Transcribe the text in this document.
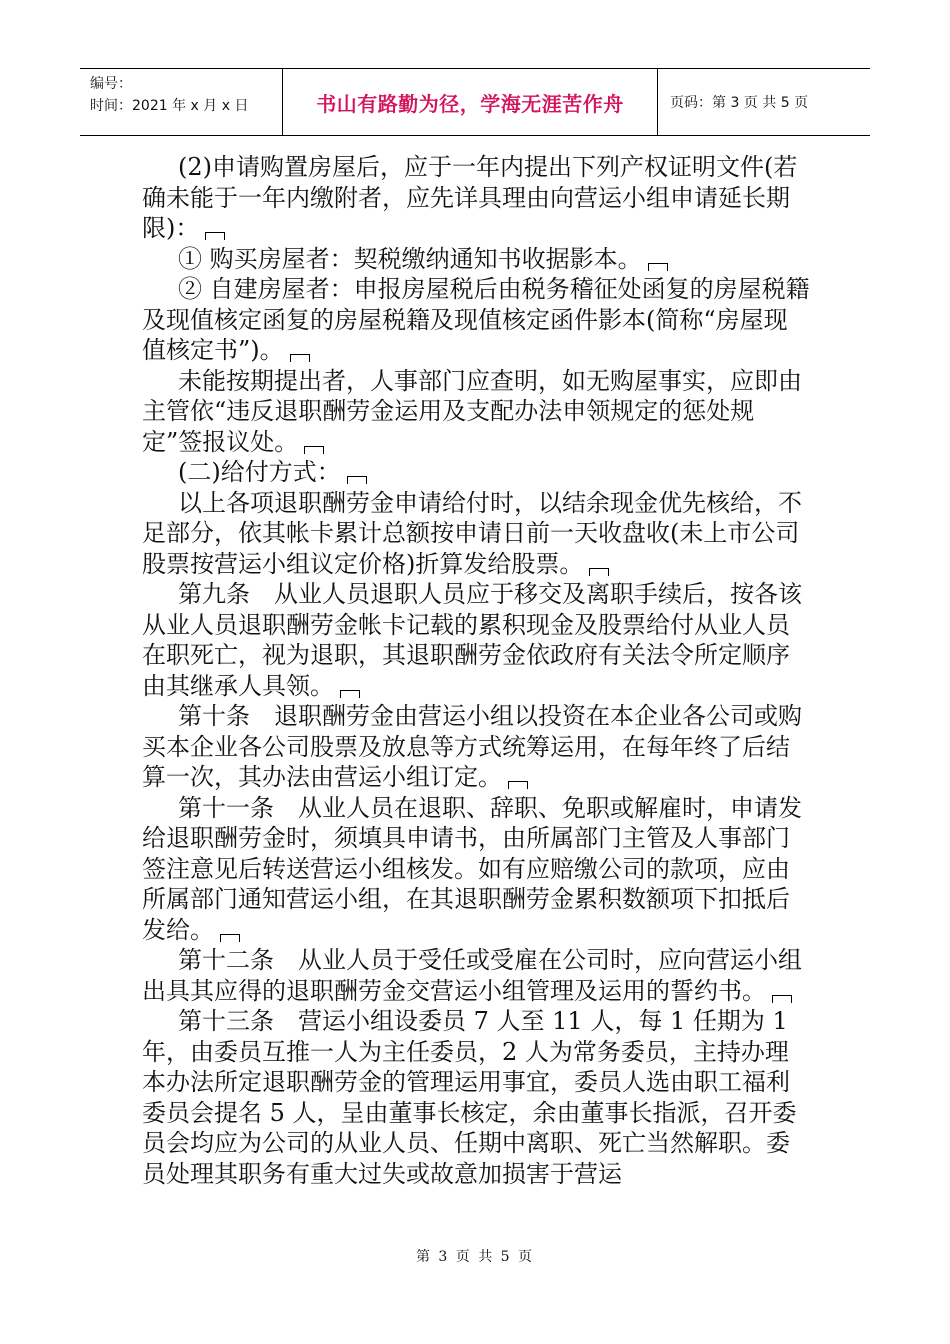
编号：
时间：2021 年 x 月 x 日	书山有路勤为径，学海无涯苦作舟	页码：第 3 页 共 5 页

(2)申请购置房屋后，应于一年内提出下列产权证明文件(若确未能于一年内缴附者，应先详具理由向营运小组申请延长期限)：

① 购买房屋者：契税缴纳通知书收据影本。

② 自建房屋者：申报房屋税后由税务稽征处函复的房屋税籍及现值核定函复的房屋税籍及现值核定函件影本(简称“房屋现值核定书”)。

未能按期提出者，人事部门应查明，如无购屋事实，应即由主管依“违反退职酬劳金运用及支配办法申领规定的惩处规定”签报议处。

(二)给付方式：

以上各项退职酬劳金申请给付时，以结余现金优先核给，不足部分，依其帐卡累计总额按申请日前一天收盘收(未上市公司股票按营运小组议定价格)折算发给股票。

第九条　从业人员退职人员应于移交及离职手续后，按各该从业人员退职酬劳金帐卡记载的累积现金及股票给付从业人员在职死亡，视为退职，其退职酬劳金依政府有关法令所定顺序由其继承人具领。

第十条　退职酬劳金由营运小组以投资在本企业各公司或购买本企业各公司股票及放息等方式统筹运用，在每年终了后结算一次，其办法由营运小组订定。

第十一条　从业人员在退职、辞职、免职或解雇时，申请发给退职酬劳金时，须填具申请书，由所属部门主管及人事部门签注意见后转送营运小组核发。如有应赔缴公司的款项，应由所属部门通知营运小组，在其退职酬劳金累积数额项下扣抵后发给。

第十二条　从业人员于受任或受雇在公司时，应向营运小组出具其应得的退职酬劳金交营运小组管理及运用的誓约书。

第十三条　营运小组设委员 7 人至 11 人，每 1 任期为 1 年，由委员互推一人为主任委员，2 人为常务委员，主持办理本办法所定退职酬劳金的管理运用事宜，委员人选由职工福利委员会提名 5 人，呈由董事长核定，余由董事长指派，召开委员会均应为公司的从业人员、任期中离职、死亡当然解职。委员处理其职务有重大过失或故意加损害于营运

第 3 页 共 5 页
